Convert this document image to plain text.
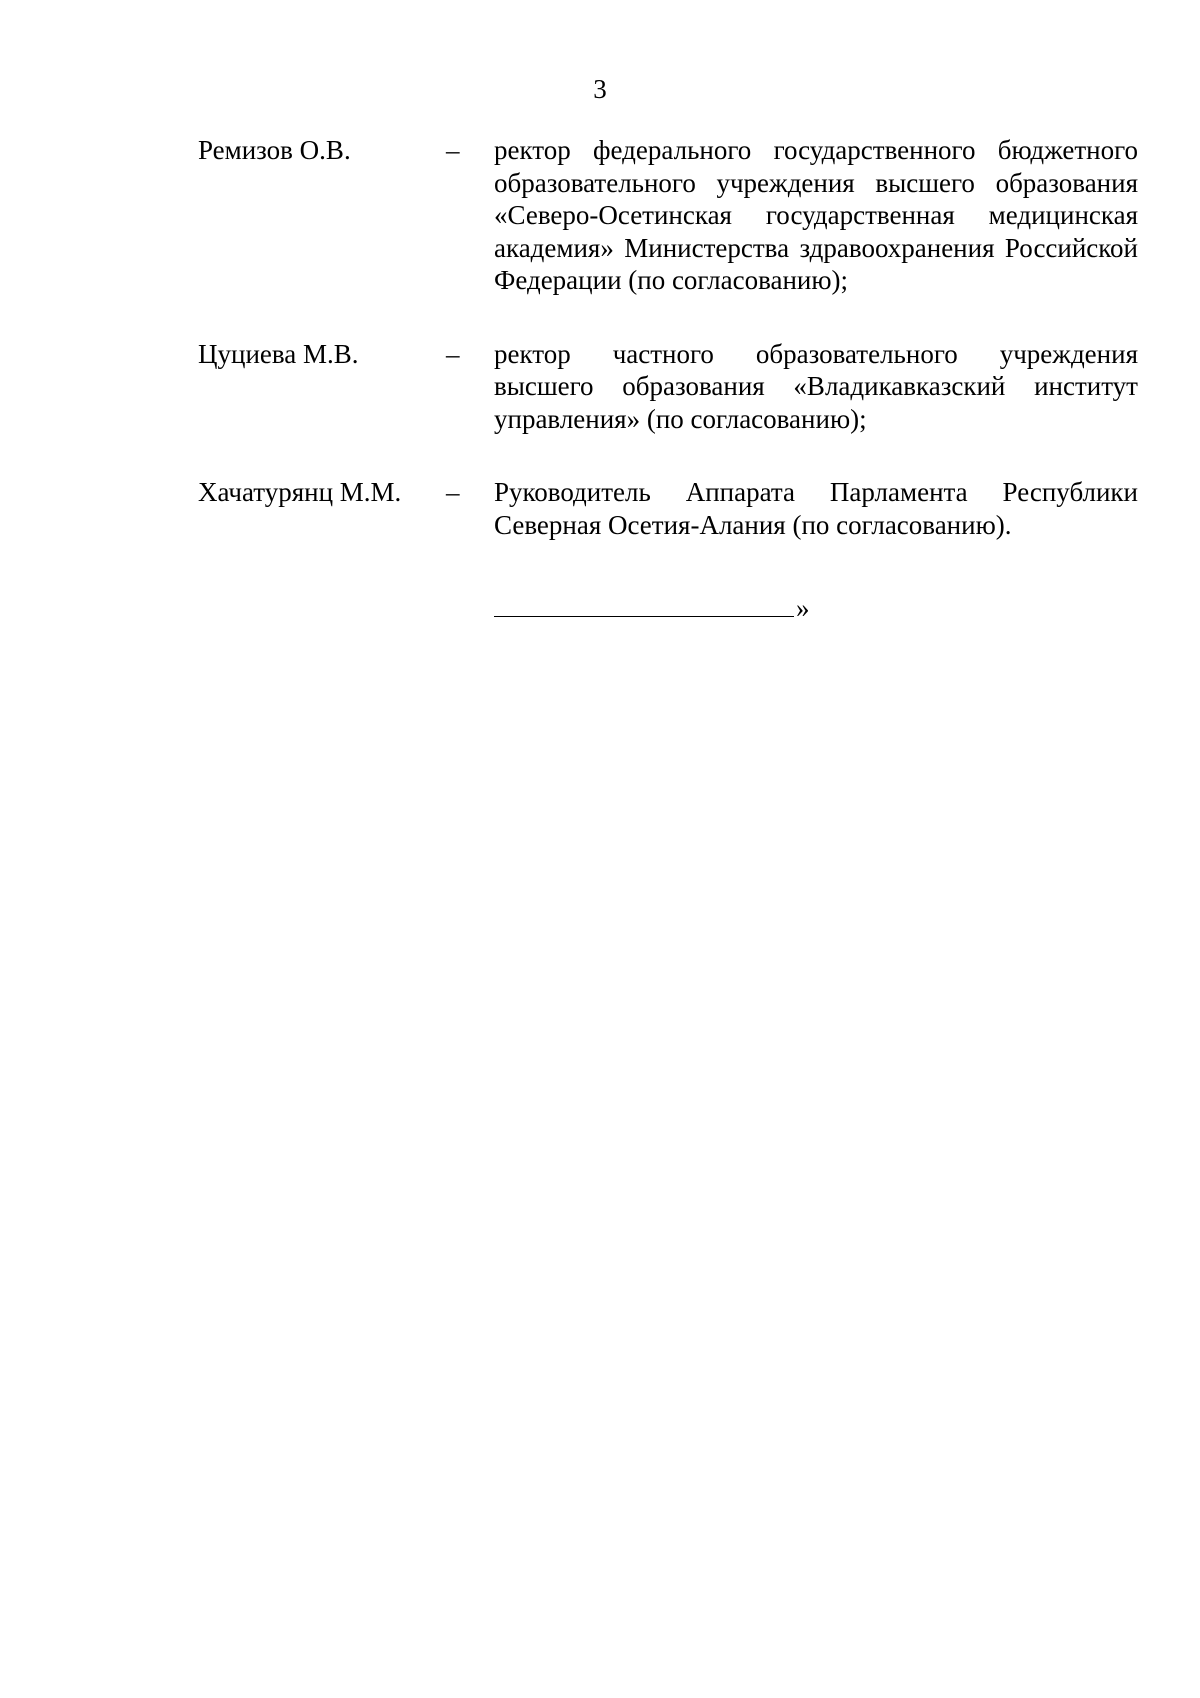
3
Ремизов О.В.	– ректор федерального государственного бюджетного образовательного учреждения высшего образования «Северо-Осетинская государственная медицинская академия» Министерства здравоохранения Российской Федерации (по согласованию);
Цуциева М.В.	– ректор частного образовательного учреждения высшего образования «Владикавказский институт управления» (по согласованию);
Хачатурянц М.М. – Руководитель Аппарата Парламента Республики Северная Осетия-Алания (по согласованию).
»
